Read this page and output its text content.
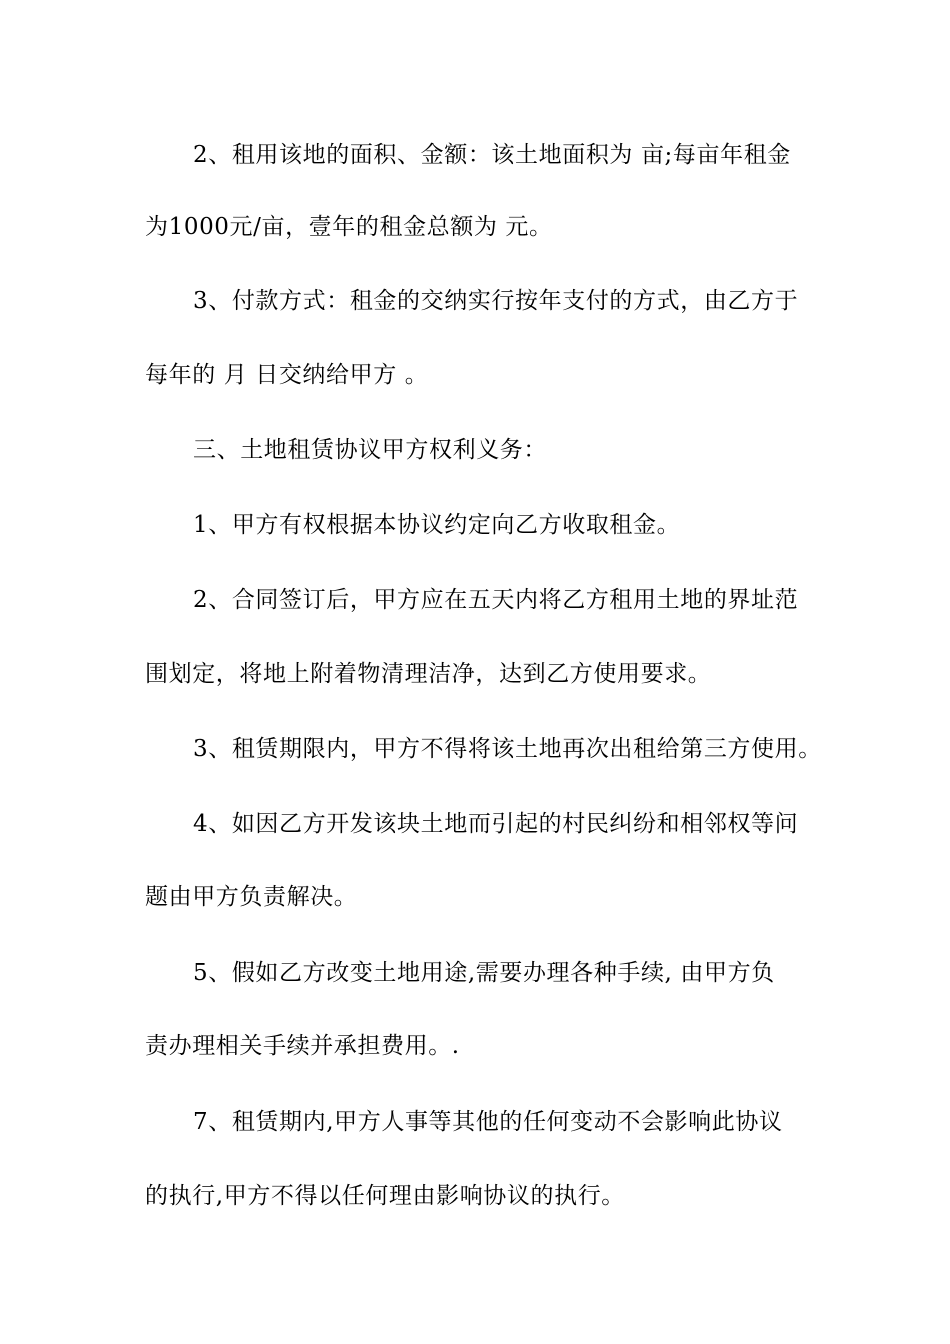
2、租用该地的面积、金额：该土地面积为 亩;每亩年租金
为1000元/亩，壹年的租金总额为 元。
3、付款方式：租金的交纳实行按年支付的方式，由乙方于
每年的 月 日交纳给甲方 。
三、土地租赁协议甲方权利义务：
1、甲方有权根据本协议约定向乙方收取租金。
2、合同签订后，甲方应在五天内将乙方租用土地的界址范
围划定，将地上附着物清理洁净，达到乙方使用要求。
3、租赁期限内，甲方不得将该土地再次出租给第三方使用。
4、如因乙方开发该块土地而引起的村民纠纷和相邻权等问
题由甲方负责解决。
5、假如乙方改变土地用途,需要办理各种手续, 由甲方负
责办理相关手续并承担费用。.
7、租赁期内,甲方人事等其他的任何变动不会影响此协议
的执行,甲方不得以任何理由影响协议的执行。
